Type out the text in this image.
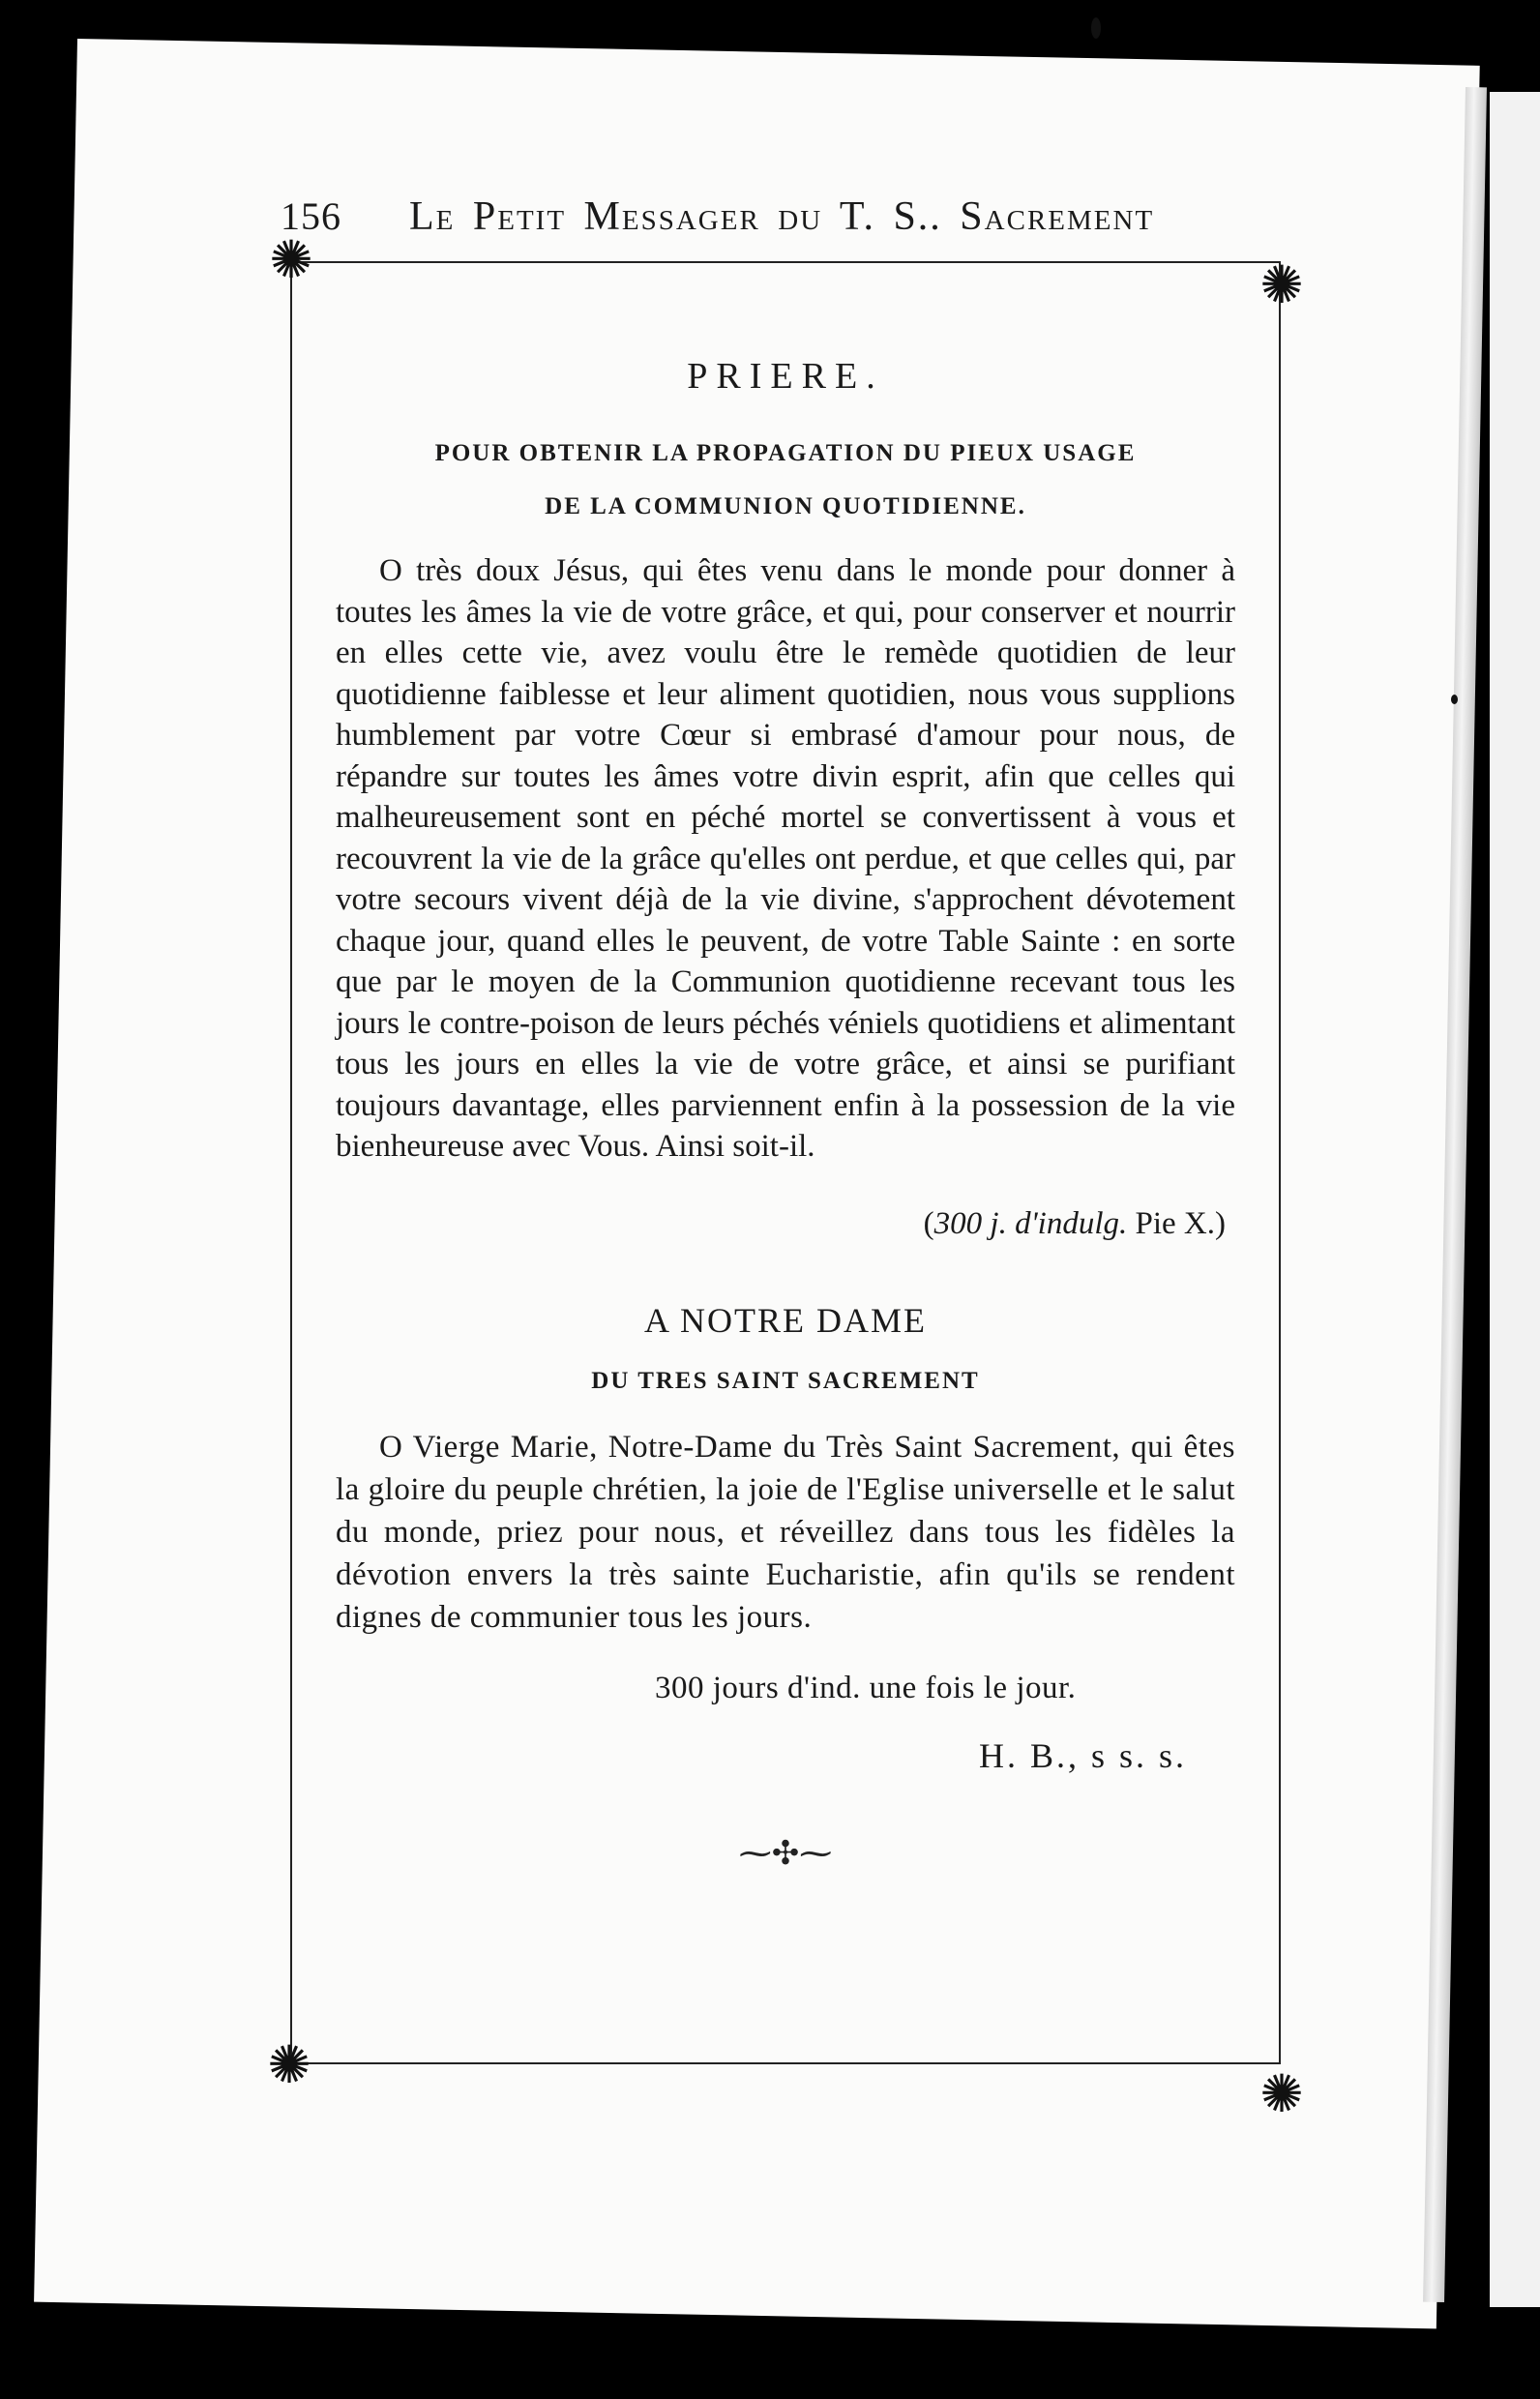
156 Le Petit Messager du T. S.. Sacrement
✺	✺
✺	✺
PRIERE.
POUR OBTENIR LA PROPAGATION DU PIEUX USAGE
DE LA COMMUNION QUOTIDIENNE.

O très doux Jésus, qui êtes venu dans le monde pour donner à toutes les âmes la vie de votre grâce, et qui, pour conserver et nourrir en elles cette vie, avez voulu être le remède quotidien de leur quotidienne faiblesse et leur aliment quotidien, nous vous supplions humblement par votre Cœur si embrasé d'amour pour nous, de répandre sur toutes les âmes votre divin esprit, afin que celles qui malheureusement sont en péché mortel se convertissent à vous et recouvrent la vie de la grâce qu'elles ont perdue, et que celles qui, par votre secours vivent déjà de la vie divine, s'approchent dévotement chaque jour, quand elles le peuvent, de votre Table Sainte : en sorte que par le moyen de la Communion quotidienne recevant tous les jours le contre-poison de leurs péchés véniels quotidiens et alimentant tous les jours en elles la vie de votre grâce, et ainsi se purifiant toujours davantage, elles parviennent enfin à la possession de la vie bienheureuse avec Vous. Ainsi soit-il.

(300 j. d'indulg. Pie X.)
A NOTRE DAME
DU TRES SAINT SACREMENT

O Vierge Marie, Notre-Dame du Très Saint Sacrement, qui êtes la gloire du peuple chrétien, la joie de l'Eglise universelle et le salut du monde, priez pour nous, et réveillez dans tous les fidèles la dévotion envers la très sainte Eucharistie, afin qu'ils se rendent dignes de communier tous les jours.

300 jours d'ind. une fois le jour.
H. B., s s. s.
⁓✣⁓
